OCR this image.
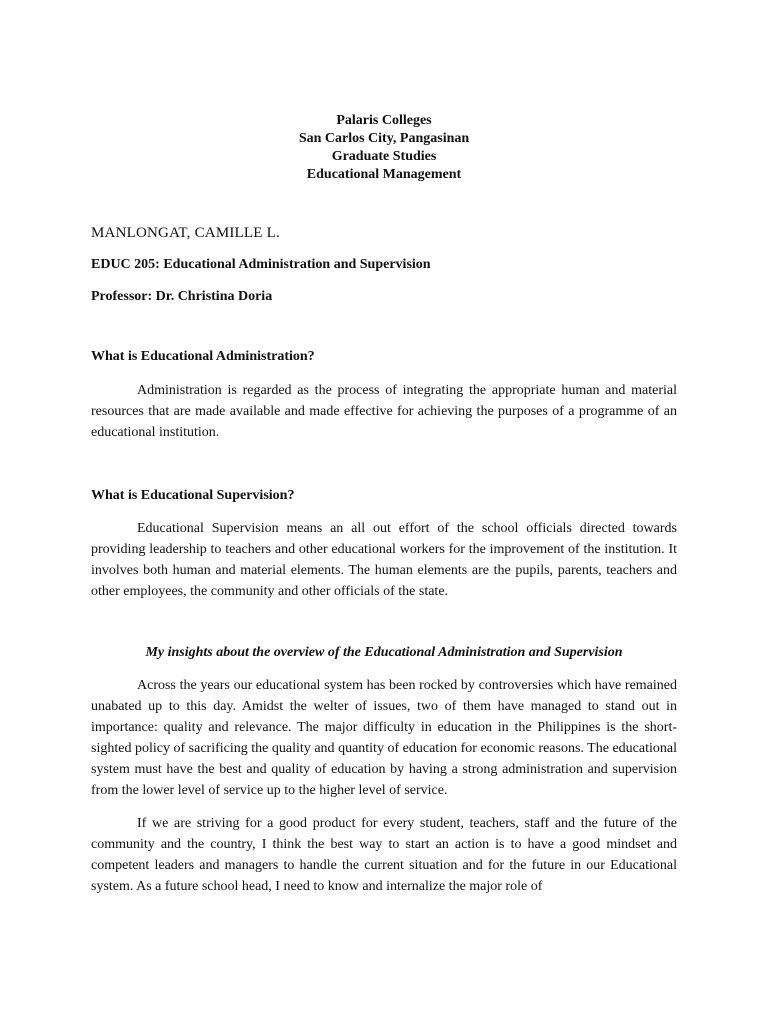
Palaris Colleges
San Carlos City, Pangasinan
Graduate Studies
Educational Management
MANLONGAT, CAMILLE L.
EDUC 205: Educational Administration and Supervision
Professor: Dr. Christina Doria
What is Educational Administration?

Administration is regarded as the process of integrating the appropriate human and material resources that are made available and made effective for achieving the purposes of a programme of an educational institution.

What is Educational Supervision?

Educational Supervision means an all out effort of the school officials directed towards providing leadership to teachers and other educational workers for the improvement of the institution. It involves both human and material elements. The human elements are the pupils, parents, teachers and other employees, the community and other officials of the state.

My insights about the overview of the Educational Administration and Supervision

Across the years our educational system has been rocked by controversies which have remained unabated up to this day. Amidst the welter of issues, two of them have managed to stand out in importance: quality and relevance. The major difficulty in education in the Philippines is the short-sighted policy of sacrificing the quality and quantity of education for economic reasons. The educational system must have the best and quality of education by having a strong administration and supervision from the lower level of service up to the higher level of service.

If we are striving for a good product for every student, teachers, staff and the future of the community and the country, I think the best way to start an action is to have a good mindset and competent leaders and managers to handle the current situation and for the future in our Educational system. As a future school head, I need to know and internalize the major role of
